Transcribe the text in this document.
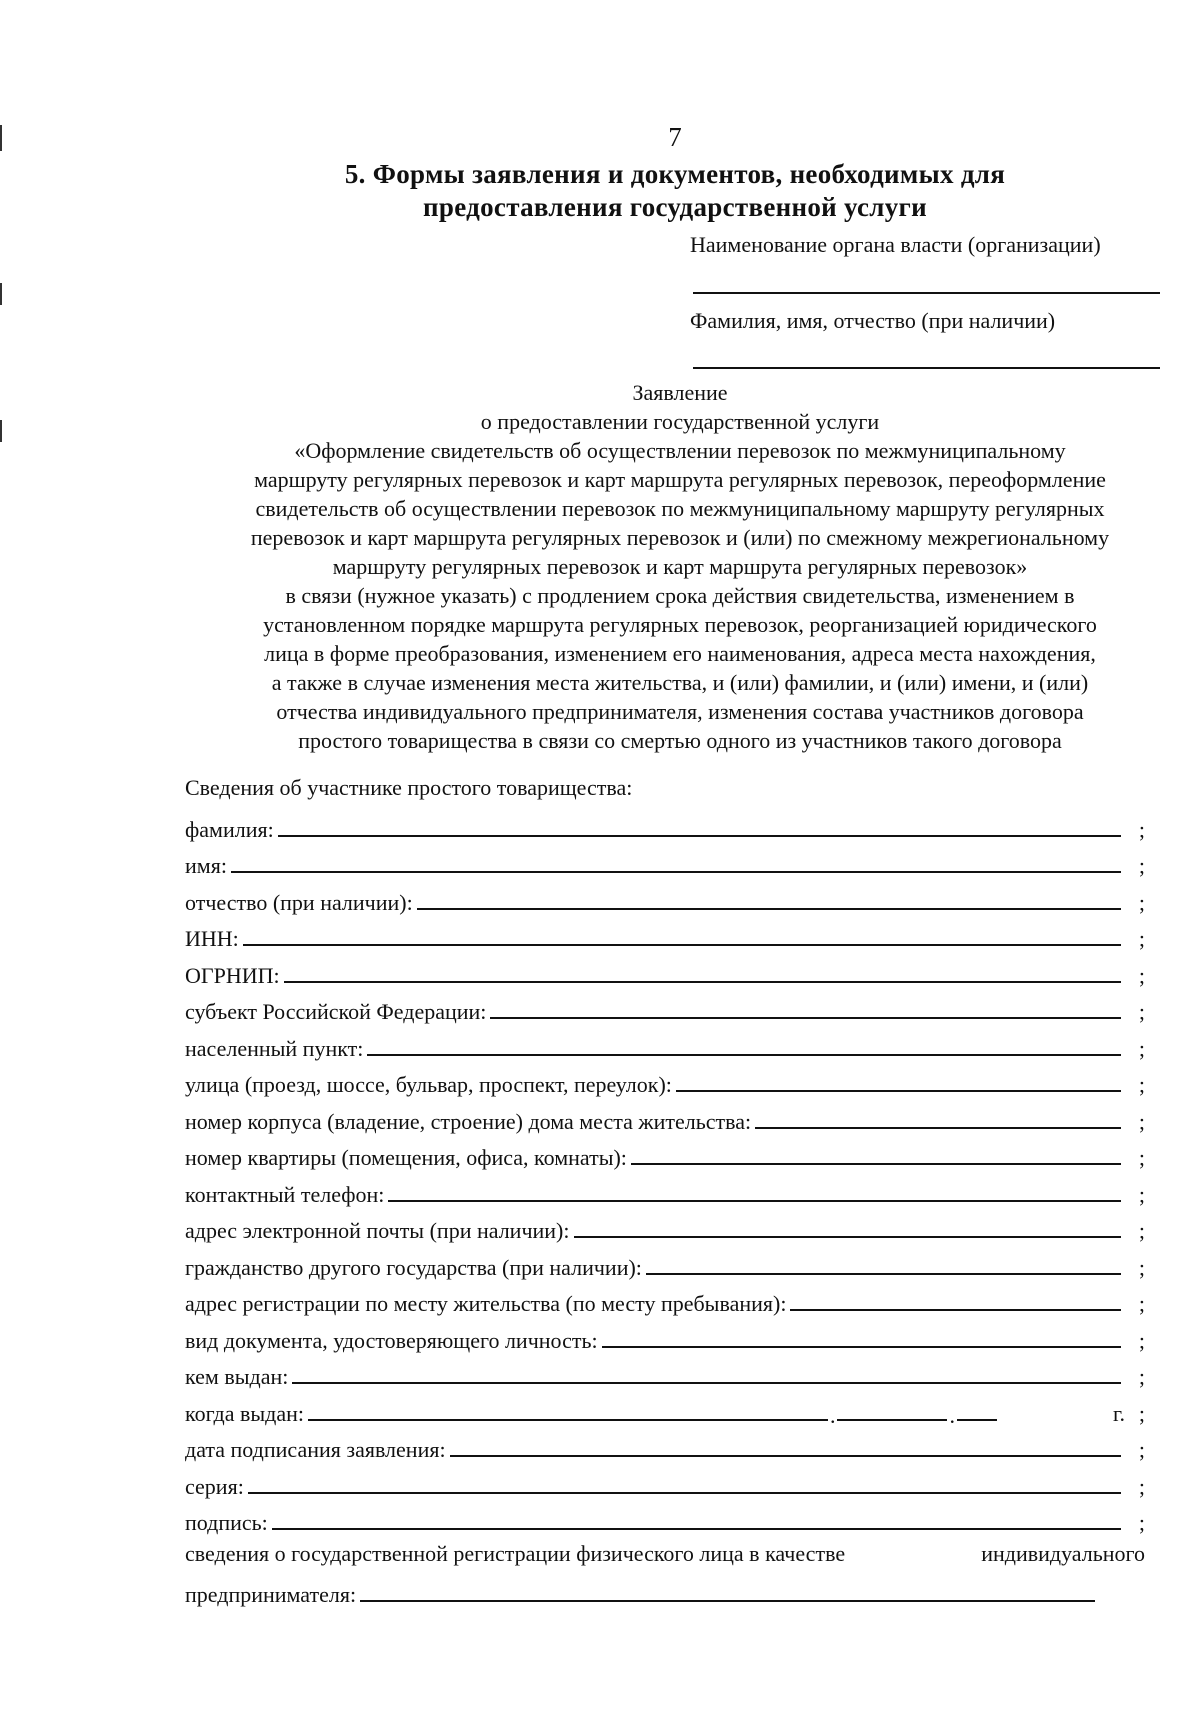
7
5. Формы заявления и документов, необходимых для
предоставления государственной услуги
Наименование органа власти (организации)
Фамилия, имя, отчество (при наличии)

Заявление

о предоставлении государственной услуги

«Оформление свидетельств об осуществлении перевозок по межмуниципальному

маршруту регулярных перевозок и карт маршрута регулярных перевозок, переоформление

свидетельств об осуществлении перевозок по межмуниципальному маршруту регулярных

перевозок и карт маршрута регулярных перевозок и (или) по смежному межрегиональному

маршруту регулярных перевозок и карт маршрута регулярных перевозок»

в связи (нужное указать) с продлением срока действия свидетельства, изменением в

установленном порядке маршрута регулярных перевозок, реорганизацией юридического

лица в форме преобразования, изменением его наименования, адреса места нахождения,

а также в случае изменения места жительства, и (или) фамилии, и (или) имени, и (или)

отчества индивидуального предпринимателя, изменения состава участников договора

простого товарищества в связи со смертью одного из участников такого договора

Сведения об участнике простого товарищества:
фамилия:	;
имя:	;
отчество (при наличии):	;
ИНН:	;
ОГРНИП:	;
субъект Российской Федерации:	;
населенный пункт:	;
улица (проезд, шоссе, бульвар, проспект, переулок):	;
номер корпуса (владение, строение) дома места жительства:	;
номер квартиры (помещения, офиса, комнаты):	;
контактный телефон:	;
адрес электронной почты (при наличии):	;
гражданство другого государства (при наличии):	;
адрес регистрации по месту жительства (по месту пребывания):	;
вид документа, удостоверяющего личность:	;
кем выдан:	;
когда выдан:	.	.	г. ;
дата подписания заявления:	;
серия:	;
подпись:	;
сведения о государственной регистрации физического лица в качестве	индивидуального
предпринимателя:
